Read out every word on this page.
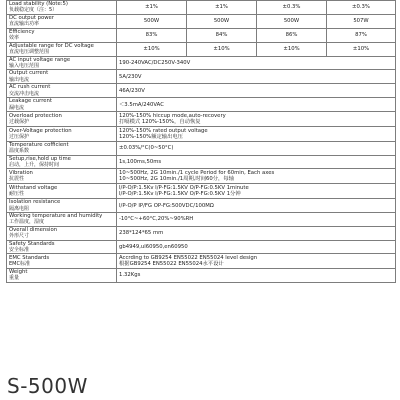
Load stability (Note:5)
负载稳定度（注：5）	±1%	±1%	±0.3%	±0.3%

DC output power
直流输出功率	500W	500W	500W	507W

Efficiency
效率	83%	84%	86%	87%

Adjustable range for DC voltage
直流电压调整范围	±10%	±10%	±10%	±10%

AC input voltage range
输入电压范围	190-240VAC/DC250V-340V			

Output current
输出电流	5A/230V			

AC rush current
交流冲击电流	46A/230V			

Leakage current
漏电流	＜3.5mA/240VAC			

Overload protection
过载保护	120%-150% hiccup mode,auto-recovery
打嗝模式 120%-150%，自动恢复			

Over-Voltage protection
过压保护	120%-150% rated output voltage
120%-150%额定输出电压			

Temperature cofficient
温度系数	±0.03%/°C(0~50°C)			

Setup,rise,hold up time
启动，上升，保持时间	1s,100ms,50ms			

Vibration
抗震性	10~500Hz, 2G 10min./1 cycle Period for 60min, Each axes
10~500Hz, 2G 10min./1周期,时间60分，每轴			

Withstand voltage
耐压性	I/P-O/P:1.5Kv I/P-FG:1.5KV O/P-FG:0.5KV 1minute
I/P-O/P:1.5Kv I/P-FG:1.5KV O/P-FG:0.5KV 1分钟			

Isolation resistance
隔离电阻	I/P-O/P IP/FG OP-FG:500VDC/100MΩ			

Working temperature and humidity
工作温度，湿度	-10°C~+60°C,20%~90%RH			

Overall dimension
外形尺寸	238*124*65 mm			

Safety Standards
安全标准	gb4949,ul60950,en60950			

EMC Standards
EMC标准	Accrding to GB9254 EN55022 EN55024 level design
根据GB9254 EN55022 EN55024水平设计			

Weight
重量	1.32Kgs			
S-500W
